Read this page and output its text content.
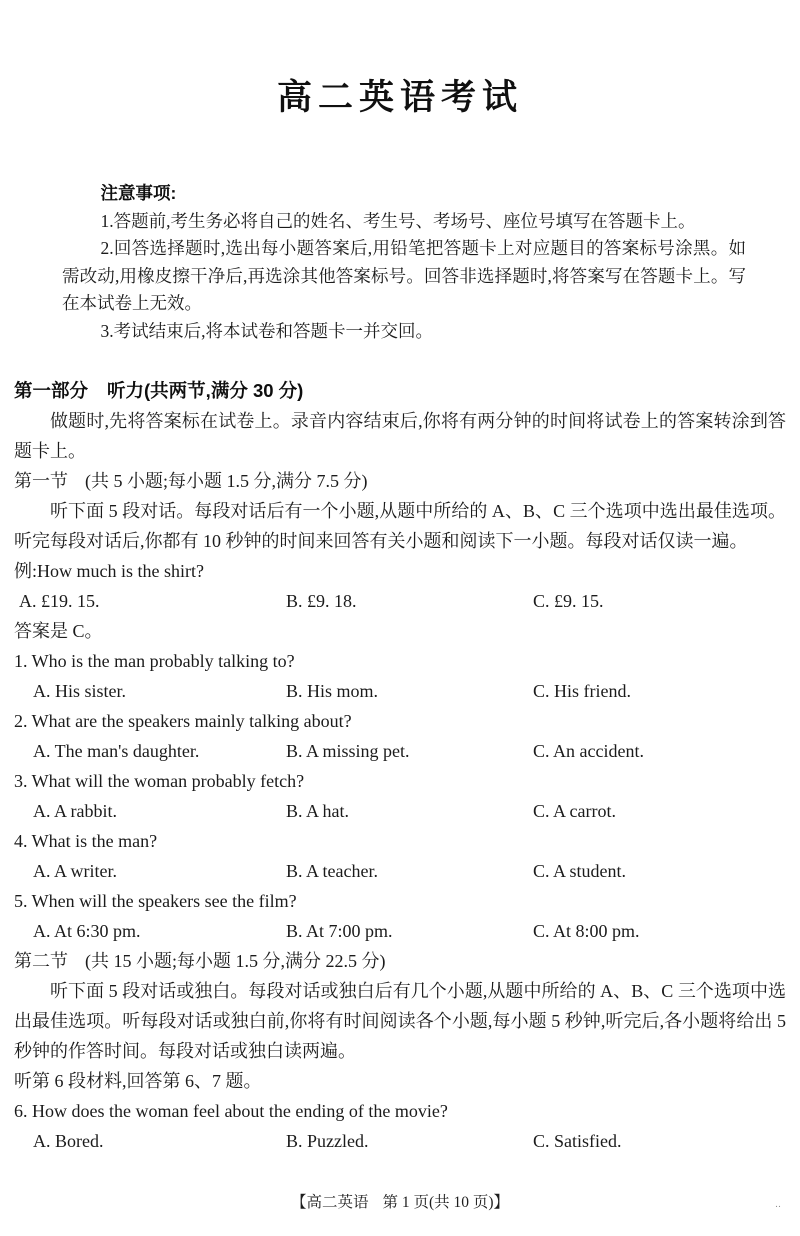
高二英语考试

注意事项:

1.答题前,考生务必将自己的姓名、考生号、考场号、座位号填写在答题卡上。

2.回答选择题时,选出每小题答案后,用铅笔把答题卡上对应题目的答案标号涂黑。如需改动,用橡皮擦干净后,再选涂其他答案标号。回答非选择题时,将答案写在答题卡上。写在本试卷上无效。

3.考试结束后,将本试卷和答题卡一并交回。

第一部分 听力(共两节,满分 30 分)

做题时,先将答案标在试卷上。录音内容结束后,你将有两分钟的时间将试卷上的答案转涂到答题卡上。

第一节 (共 5 小题;每小题 1.5 分,满分 7.5 分)

听下面 5 段对话。每段对话后有一个小题,从题中所给的 A、B、C 三个选项中选出最佳选项。听完每段对话后,你都有 10 秒钟的时间来回答有关小题和阅读下一小题。每段对话仅读一遍。

例:How much is the shirt?

A. £19. 15.	B. £9. 18.	C. £9. 15.

答案是 C。

1. Who is the man probably talking to?

A. His sister.	B. His mom.	C. His friend.

2. What are the speakers mainly talking about?

A. The man's daughter.	B. A missing pet.	C. An accident.

3. What will the woman probably fetch?

A. A rabbit.	B. A hat.	C. A carrot.

4. What is the man?

A. A writer.	B. A teacher.	C. A student.

5. When will the speakers see the film?

A. At 6:30 pm.	B. At 7:00 pm.	C. At 8:00 pm.

第二节 (共 15 小题;每小题 1.5 分,满分 22.5 分)

听下面 5 段对话或独白。每段对话或独白后有几个小题,从题中所给的 A、B、C 三个选项中选出最佳选项。听每段对话或独白前,你将有时间阅读各个小题,每小题 5 秒钟,听完后,各小题将给出 5 秒钟的作答时间。每段对话或独白读两遍。

听第 6 段材料,回答第 6、7 题。

6. How does the woman feel about the ending of the movie?

A. Bored.	B. Puzzled.	C. Satisfied.
【高二英语 第 1 页(共 10 页)】	‥
